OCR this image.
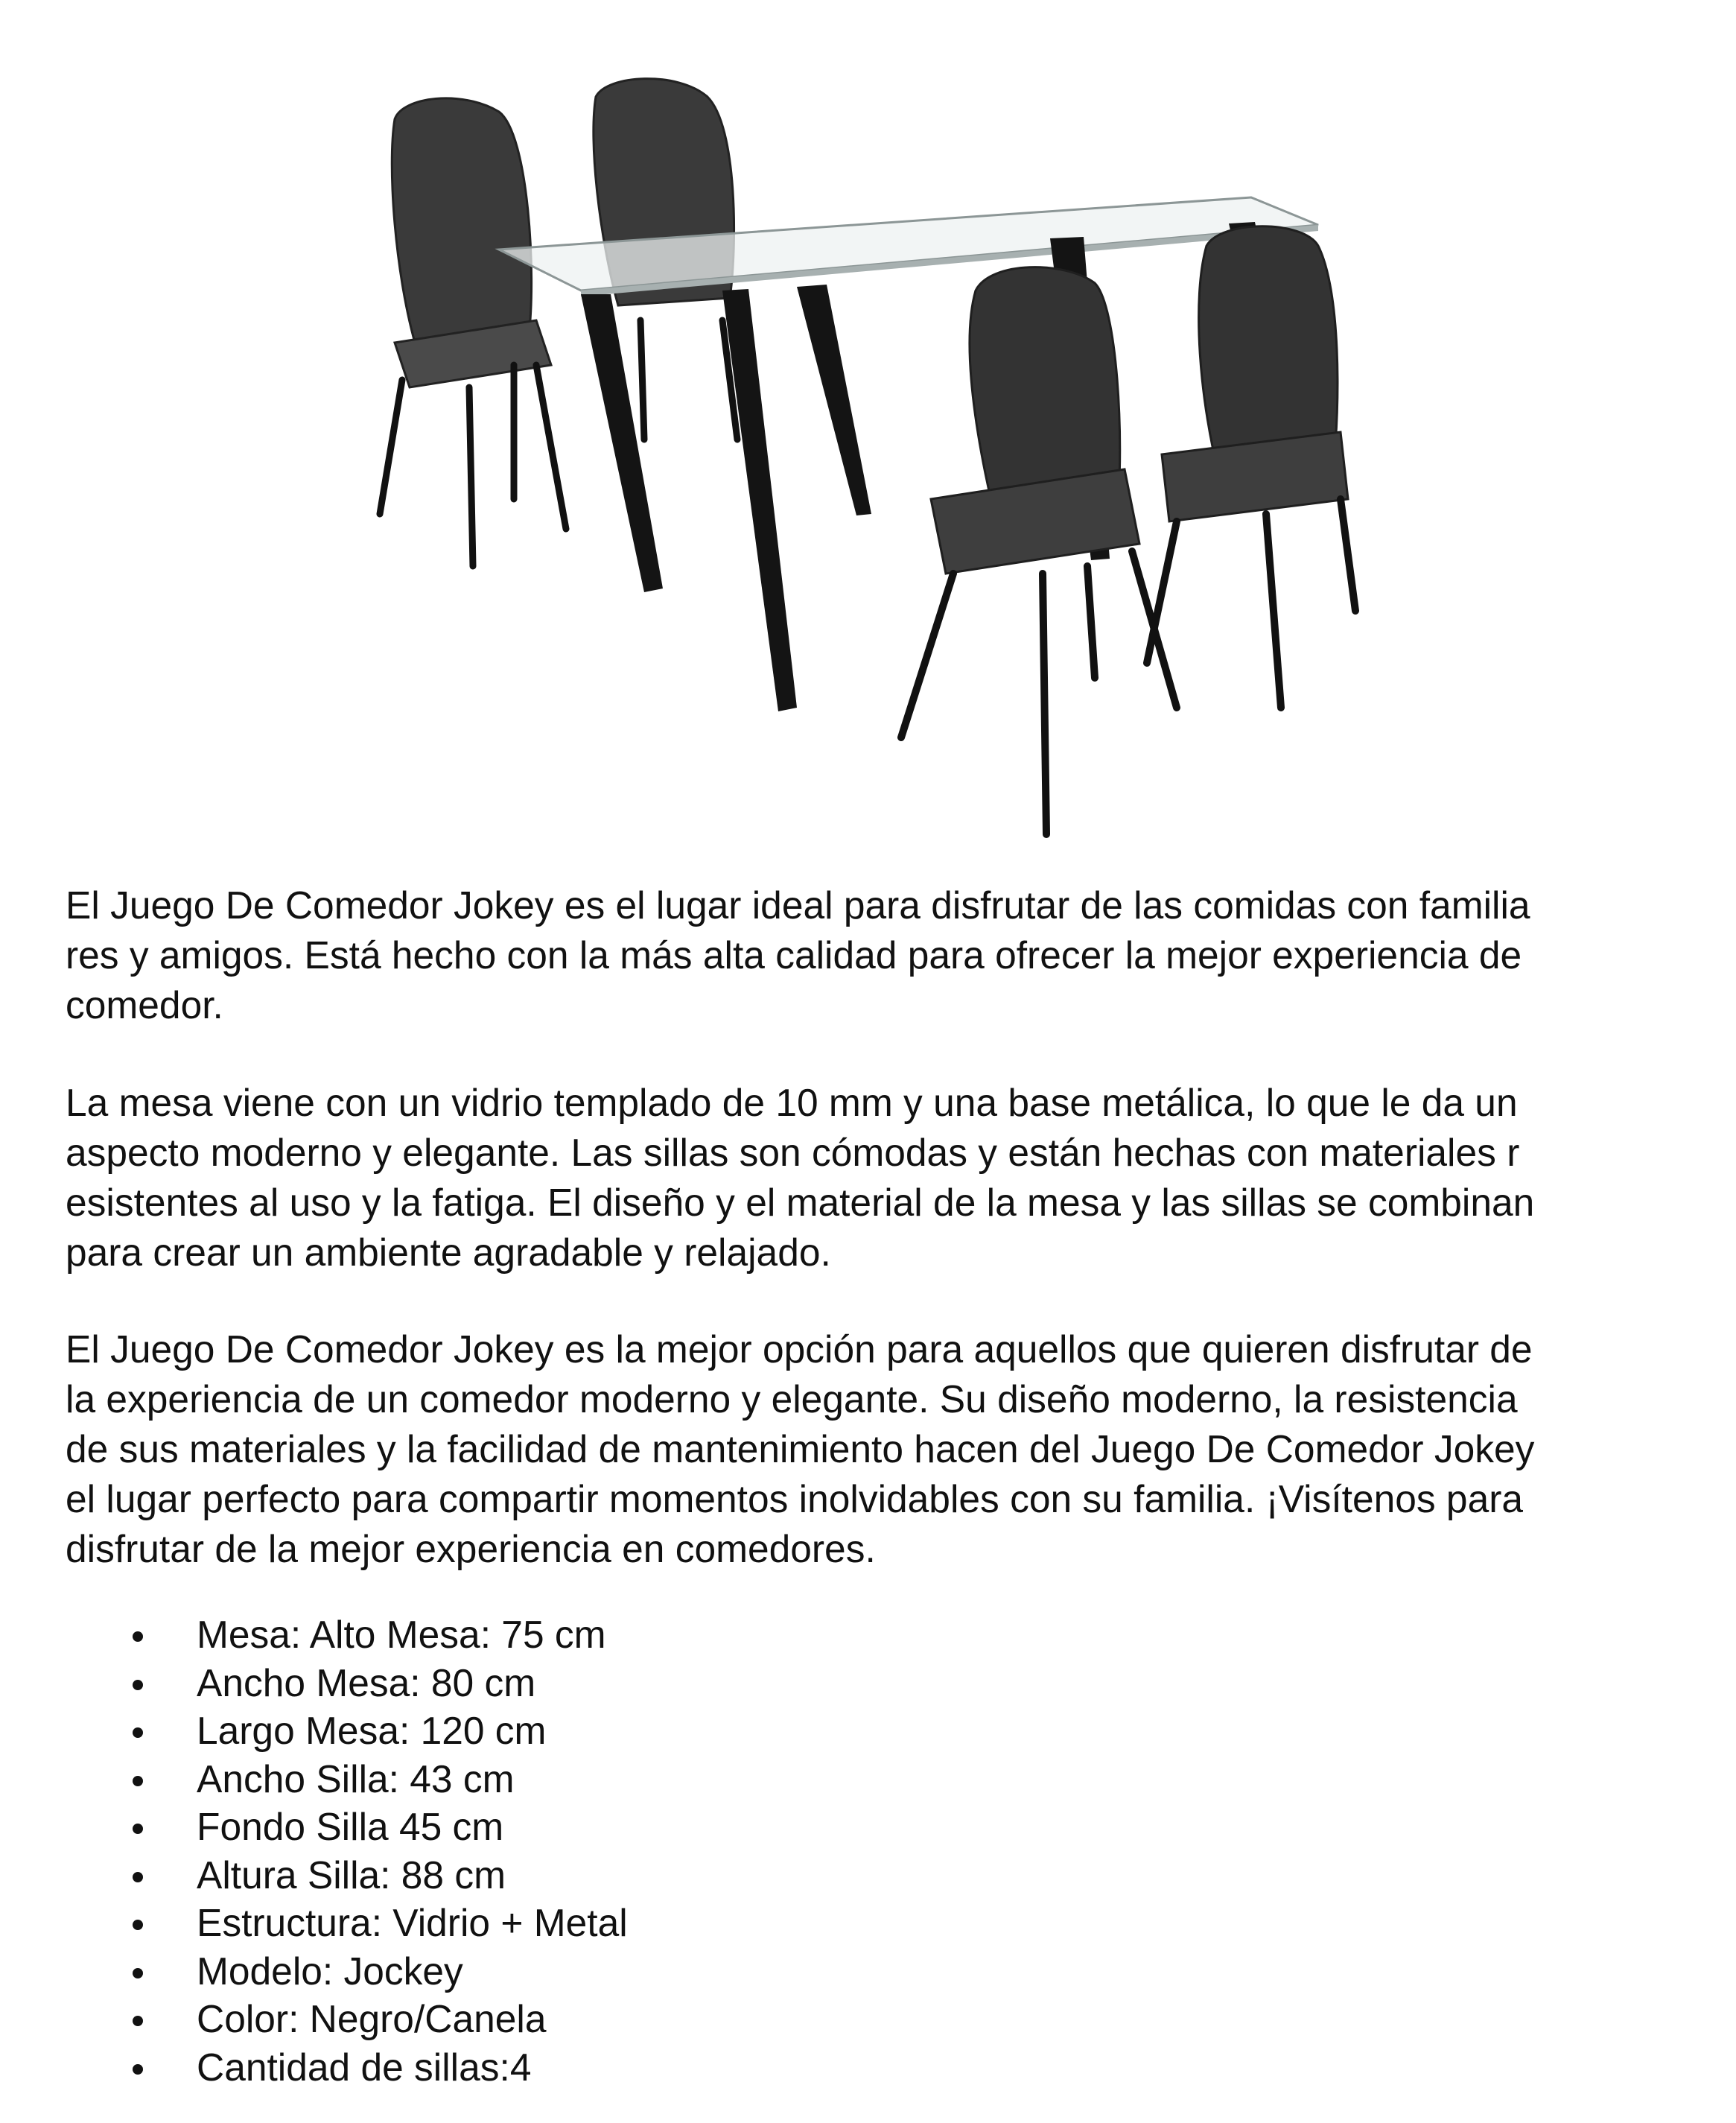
El Juego De Comedor Jokey es el lugar ideal para disfrutar de las comidas con familia
res y amigos. Está hecho con la más alta calidad para ofrecer la mejor experiencia de
comedor.
La mesa viene con un vidrio templado de 10 mm y una base metálica, lo que le da un
aspecto moderno y elegante. Las sillas son cómodas y están hechas con materiales r
esistentes al uso y la fatiga. El diseño y el material de la mesa y las sillas se combinan
para crear un ambiente agradable y relajado.
El Juego De Comedor Jokey es la mejor opción para aquellos que quieren disfrutar de
la experiencia de un comedor moderno y elegante. Su diseño moderno, la resistencia
de sus materiales y la facilidad de mantenimiento hacen del Juego De Comedor Jokey
el lugar perfecto para compartir momentos inolvidables con su familia. ¡Visítenos para
disfrutar de la mejor experiencia en comedores.
Mesa: Alto Mesa: 75 cm
Ancho Mesa: 80 cm
Largo Mesa: 120 cm
Ancho Silla: 43 cm
Fondo Silla 45 cm
Altura Silla: 88 cm
Estructura: Vidrio + Metal
Modelo: Jockey
Color: Negro/Canela
Cantidad de sillas:4
